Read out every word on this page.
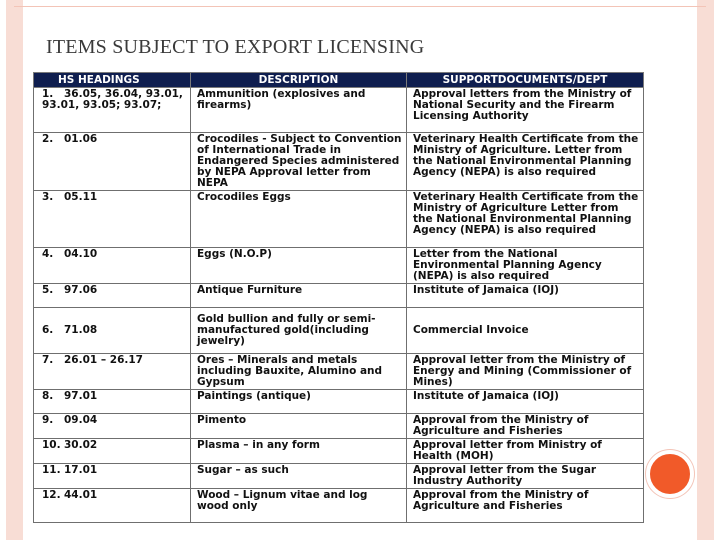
ITEMS SUBJECT TO EXPORT LICENSING
HS HEADINGS	DESCRIPTION	SUPPORTDOCUMENTS/DEPT
1. 36.05, 36.04, 93.01, 93.01, 93.05; 93.07;	Ammunition (explosives and firearms)	Approval letters from the Ministry of National Security and the Firearm Licensing Authority
2. 01.06	Crocodiles - Subject to Convention of International Trade in Endangered Species administered by NEPA Approval letter from NEPA	Veterinary Health Certificate from the Ministry of Agriculture. Letter from the National Environmental Planning Agency (NEPA) is also required
3. 05.11	Crocodiles Eggs	Veterinary Health Certificate from the Ministry of Agriculture Letter from the National Environmental Planning Agency (NEPA) is also required
4. 04.10	Eggs (N.O.P)	Letter from the National Environmental Planning Agency (NEPA) is also required
5. 97.06	Antique Furniture	Institute of Jamaica (IOJ)
6. 71.08	Gold bullion and fully or semi-manufactured gold(including jewelry)	Commercial Invoice
7. 26.01 – 26.17	Ores – Minerals and metals including Bauxite, Alumino and Gypsum	Approval letter from the Ministry of Energy and Mining (Commissioner of Mines)
8. 97.01	Paintings (antique)	Institute of Jamaica (IOJ)
9. 09.04	Pimento	Approval from the Ministry of Agriculture and Fisheries
10. 30.02	Plasma – in any form	Approval letter from Ministry of Health (MOH)
11. 17.01	Sugar – as such	Approval letter from the Sugar Industry Authority
12. 44.01	Wood – Lignum vitae and log wood only	Approval from the Ministry of Agriculture and Fisheries
